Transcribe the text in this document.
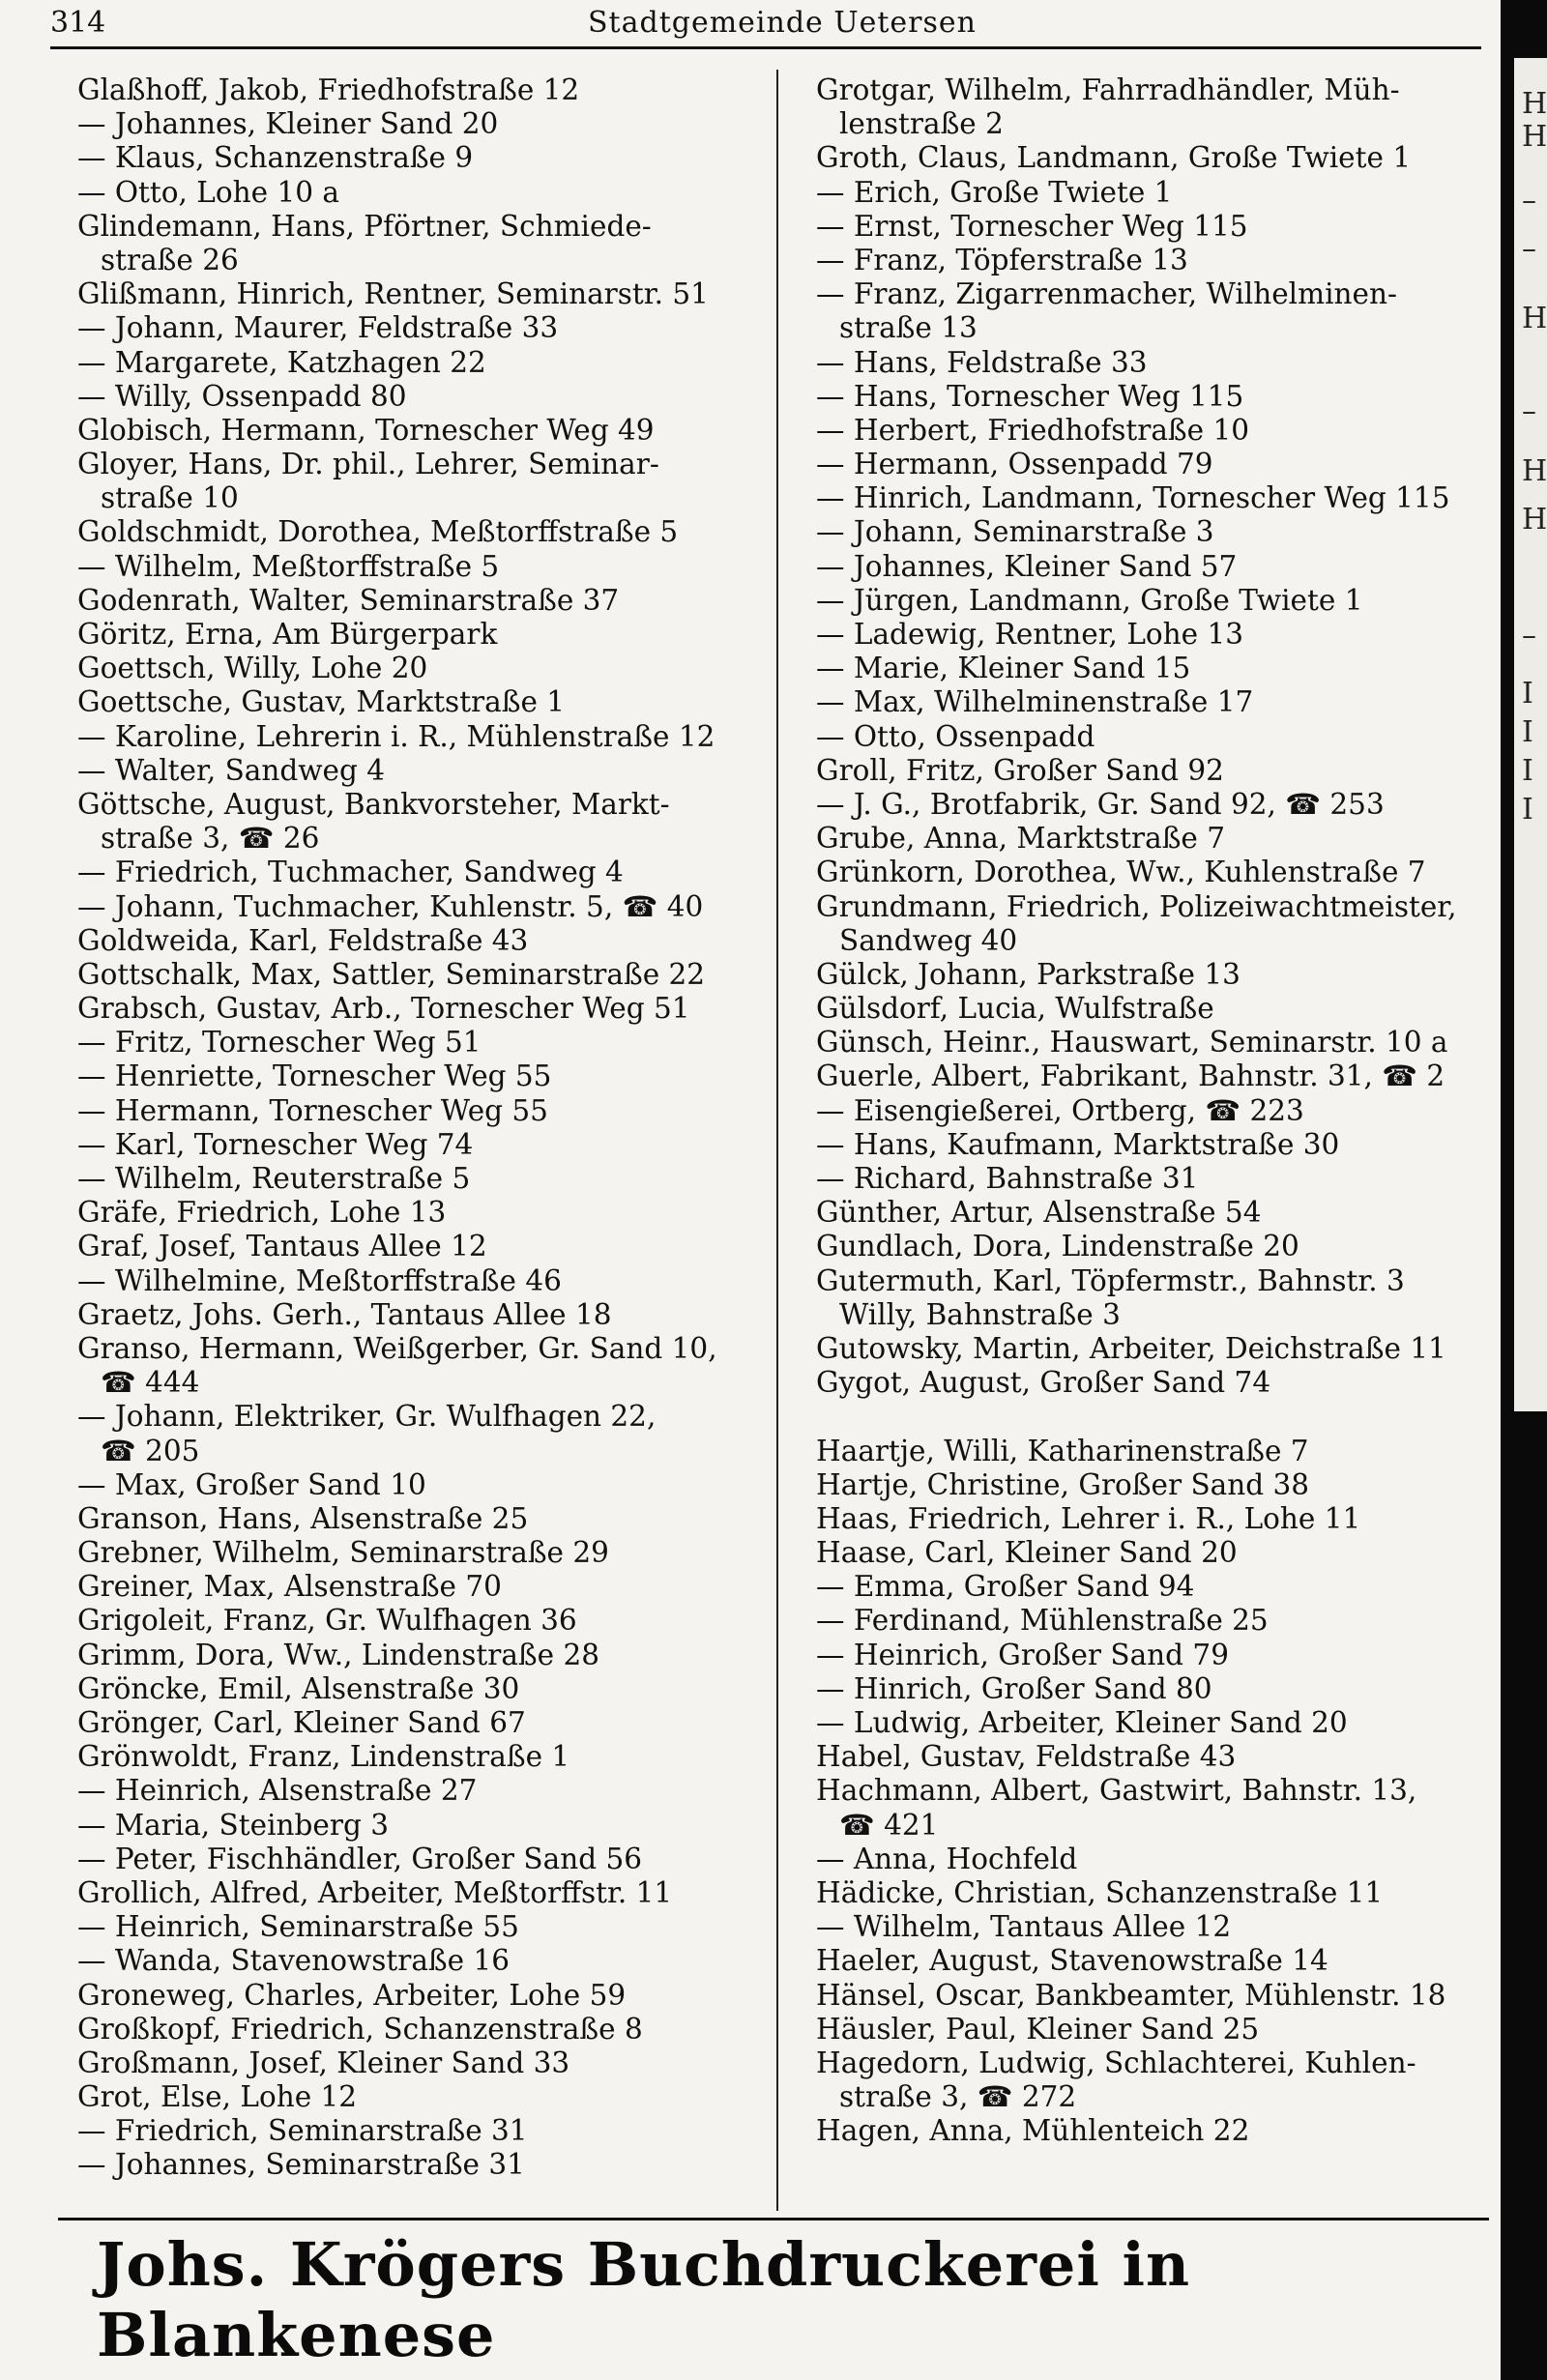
314	Stadtgemeinde Uetersen
Glaßhoff, Jakob, Friedhofstraße 12
— Johannes, Kleiner Sand 20
— Klaus, Schanzenstraße 9
— Otto, Lohe 10 a
Glindemann, Hans, Pförtner, Schmiede-
straße 26
Glißmann, Hinrich, Rentner, Seminarstr. 51
— Johann, Maurer, Feldstraße 33
— Margarete, Katzhagen 22
— Willy, Ossenpadd 80
Globisch, Hermann, Tornescher Weg 49
Gloyer, Hans, Dr. phil., Lehrer, Seminar-
straße 10
Goldschmidt, Dorothea, Meßtorffstraße 5
— Wilhelm, Meßtorffstraße 5
Godenrath, Walter, Seminarstraße 37
Göritz, Erna, Am Bürgerpark
Goettsch, Willy, Lohe 20
Goettsche, Gustav, Marktstraße 1
— Karoline, Lehrerin i. R., Mühlenstraße 12
— Walter, Sandweg 4
Göttsche, August, Bankvorsteher, Markt-
straße 3, ☎ 26
— Friedrich, Tuchmacher, Sandweg 4
— Johann, Tuchmacher, Kuhlenstr. 5, ☎ 40
Goldweida, Karl, Feldstraße 43
Gottschalk, Max, Sattler, Seminarstraße 22
Grabsch, Gustav, Arb., Tornescher Weg 51
— Fritz, Tornescher Weg 51
— Henriette, Tornescher Weg 55
— Hermann, Tornescher Weg 55
— Karl, Tornescher Weg 74
— Wilhelm, Reuterstraße 5
Gräfe, Friedrich, Lohe 13
Graf, Josef, Tantaus Allee 12
— Wilhelmine, Meßtorffstraße 46
Graetz, Johs. Gerh., Tantaus Allee 18
Granso, Hermann, Weißgerber, Gr. Sand 10,
☎ 444
— Johann, Elektriker, Gr. Wulfhagen 22,
☎ 205
— Max, Großer Sand 10
Granson, Hans, Alsenstraße 25
Grebner, Wilhelm, Seminarstraße 29
Greiner, Max, Alsenstraße 70
Grigoleit, Franz, Gr. Wulfhagen 36
Grimm, Dora, Ww., Lindenstraße 28
Gröncke, Emil, Alsenstraße 30
Grönger, Carl, Kleiner Sand 67
Grönwoldt, Franz, Lindenstraße 1
— Heinrich, Alsenstraße 27
— Maria, Steinberg 3
— Peter, Fischhändler, Großer Sand 56
Grollich, Alfred, Arbeiter, Meßtorffstr. 11
— Heinrich, Seminarstraße 55
— Wanda, Stavenowstraße 16
Groneweg, Charles, Arbeiter, Lohe 59
Großkopf, Friedrich, Schanzenstraße 8
Großmann, Josef, Kleiner Sand 33
Grot, Else, Lohe 12
— Friedrich, Seminarstraße 31
— Johannes, Seminarstraße 31
Grotgar, Wilhelm, Fahrradhändler, Müh-
lenstraße 2
Groth, Claus, Landmann, Große Twiete 1
— Erich, Große Twiete 1
— Ernst, Tornescher Weg 115
— Franz, Töpferstraße 13
— Franz, Zigarrenmacher, Wilhelminen-
straße 13
— Hans, Feldstraße 33
— Hans, Tornescher Weg 115
— Herbert, Friedhofstraße 10
— Hermann, Ossenpadd 79
— Hinrich, Landmann, Tornescher Weg 115
— Johann, Seminarstraße 3
— Johannes, Kleiner Sand 57
— Jürgen, Landmann, Große Twiete 1
— Ladewig, Rentner, Lohe 13
— Marie, Kleiner Sand 15
— Max, Wilhelminenstraße 17
— Otto, Ossenpadd
Groll, Fritz, Großer Sand 92
— J. G., Brotfabrik, Gr. Sand 92, ☎ 253
Grube, Anna, Marktstraße 7
Grünkorn, Dorothea, Ww., Kuhlenstraße 7
Grundmann, Friedrich, Polizeiwachtmeister,
Sandweg 40
Gülck, Johann, Parkstraße 13
Gülsdorf, Lucia, Wulfstraße
Günsch, Heinr., Hauswart, Seminarstr. 10 a
Guerle, Albert, Fabrikant, Bahnstr. 31, ☎ 2
— Eisengießerei, Ortberg, ☎ 223
— Hans, Kaufmann, Marktstraße 30
— Richard, Bahnstraße 31
Günther, Artur, Alsenstraße 54
Gundlach, Dora, Lindenstraße 20
Gutermuth, Karl, Töpfermstr., Bahnstr. 3
Willy, Bahnstraße 3
Gutowsky, Martin, Arbeiter, Deichstraße 11
Gygot, August, Großer Sand 74
Haartje, Willi, Katharinenstraße 7
Hartje, Christine, Großer Sand 38
Haas, Friedrich, Lehrer i. R., Lohe 11
Haase, Carl, Kleiner Sand 20
— Emma, Großer Sand 94
— Ferdinand, Mühlenstraße 25
— Heinrich, Großer Sand 79
— Hinrich, Großer Sand 80
— Ludwig, Arbeiter, Kleiner Sand 20
Habel, Gustav, Feldstraße 43
Hachmann, Albert, Gastwirt, Bahnstr. 13,
☎ 421
— Anna, Hochfeld
Hädicke, Christian, Schanzenstraße 11
— Wilhelm, Tantaus Allee 12
Haeler, August, Stavenowstraße 14
Hänsel, Oscar, Bankbeamter, Mühlenstr. 18
Häusler, Paul, Kleiner Sand 25
Hagedorn, Ludwig, Schlachterei, Kuhlen-
straße 3, ☎ 272
Hagen, Anna, Mühlenteich 22
Johs. Krögers Buchdruckerei in Blankenese
H
H
–
–
H
–
H
H
–
I
I
I
I
